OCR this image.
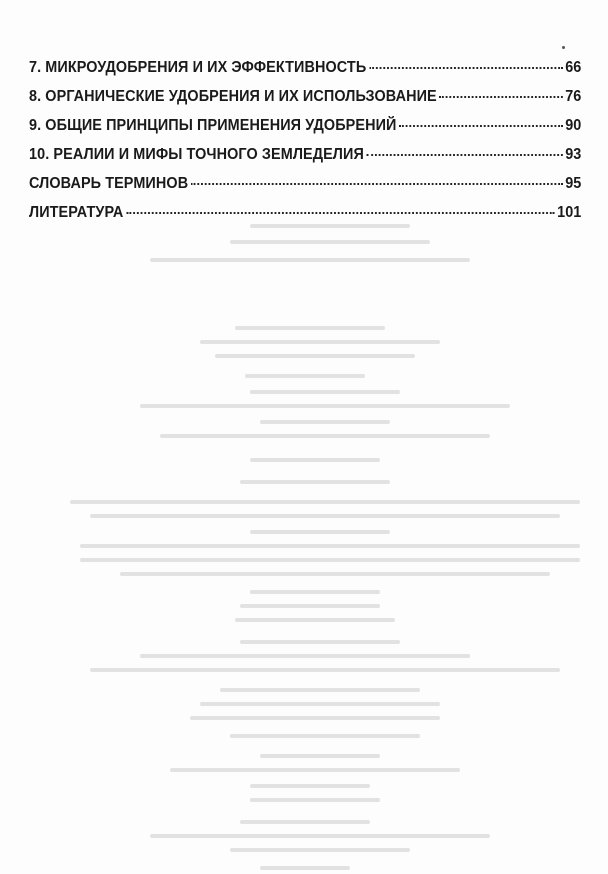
7. МИКРОУДОБРЕНИЯ И ИХ ЭФФЕКТИВНОСТЬ	66
8. ОРГАНИЧЕСКИЕ УДОБРЕНИЯ И ИХ ИСПОЛЬЗОВАНИЕ	76
9. ОБЩИЕ ПРИНЦИПЫ ПРИМЕНЕНИЯ УДОБРЕНИЙ	90
10. РЕАЛИИ И МИФЫ ТОЧНОГО ЗЕМЛЕДЕЛИЯ	93
СЛОВАРЬ ТЕРМИНОВ	95
ЛИТЕРАТУРА	101
